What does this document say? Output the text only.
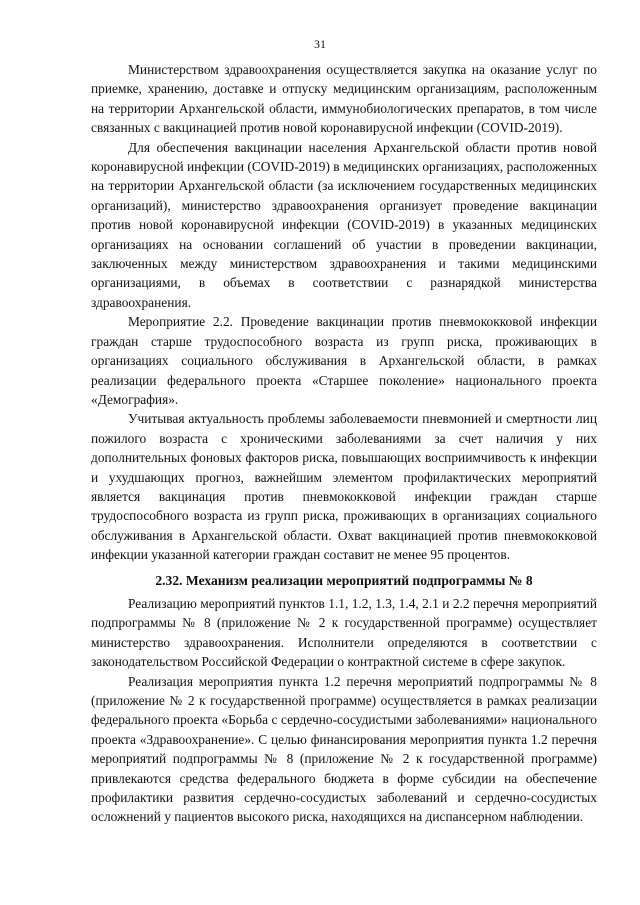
31

Министерством здравоохранения осуществляется закупка на оказание услуг по приемке, хранению, доставке и отпуску медицинским организациям, расположенным на территории Архангельской области, иммунобиологических препаратов, в том числе связанных с вакцинацией против новой коронавирусной инфекции (COVID-2019).

Для обеспечения вакцинации населения Архангельской области против новой коронавирусной инфекции (COVID-2019) в медицинских организациях, расположенных на территории Архангельской области (за исключением государственных медицинских организаций), министерство здравоохранения организует проведение вакцинации против новой коронавирусной инфекции (COVID-2019) в указанных медицинских организациях на основании соглашений об участии в проведении вакцинации, заключенных между министерством здравоохранения и такими медицинскими организациями, в объемах в соответствии с разнарядкой министерства здравоохранения.

Мероприятие 2.2. Проведение вакцинации против пневмококковой инфекции граждан старше трудоспособного возраста из групп риска, проживающих в организациях социального обслуживания в Архангельской области, в рамках реализации федерального проекта «Старшее поколение» национального проекта «Демография».

Учитывая актуальность проблемы заболеваемости пневмонией и смертности лиц пожилого возраста с хроническими заболеваниями за счет наличия у них дополнительных фоновых факторов риска, повышающих восприимчивость к инфекции и ухудшающих прогноз, важнейшим элементом профилактических мероприятий является вакцинация против пневмококковой инфекции граждан старше трудоспособного возраста из групп риска, проживающих в организациях социального обслуживания в Архангельской области. Охват вакцинацией против пневмококковой инфекции указанной категории граждан составит не менее 95 процентов.

2.32. Механизм реализации мероприятий подпрограммы № 8

Реализацию мероприятий пунктов 1.1, 1.2, 1.3, 1.4, 2.1 и 2.2 перечня мероприятий подпрограммы № 8 (приложение № 2 к государственной программе) осуществляет министерство здравоохранения. Исполнители определяются в соответствии с законодательством Российской Федерации о контрактной системе в сфере закупок.

Реализация мероприятия пункта 1.2 перечня мероприятий подпрограммы № 8 (приложение № 2 к государственной программе) осуществляется в рамках реализации федерального проекта «Борьба с сердечно-сосудистыми заболеваниями» национального проекта «Здравоохранение». С целью финансирования мероприятия пункта 1.2 перечня мероприятий подпрограммы № 8 (приложение № 2 к государственной программе) привлекаются средства федерального бюджета в форме субсидии на обеспечение профилактики развития сердечно-сосудистых заболеваний и сердечно-сосудистых осложнений у пациентов высокого риска, находящихся на диспансерном наблюдении.
